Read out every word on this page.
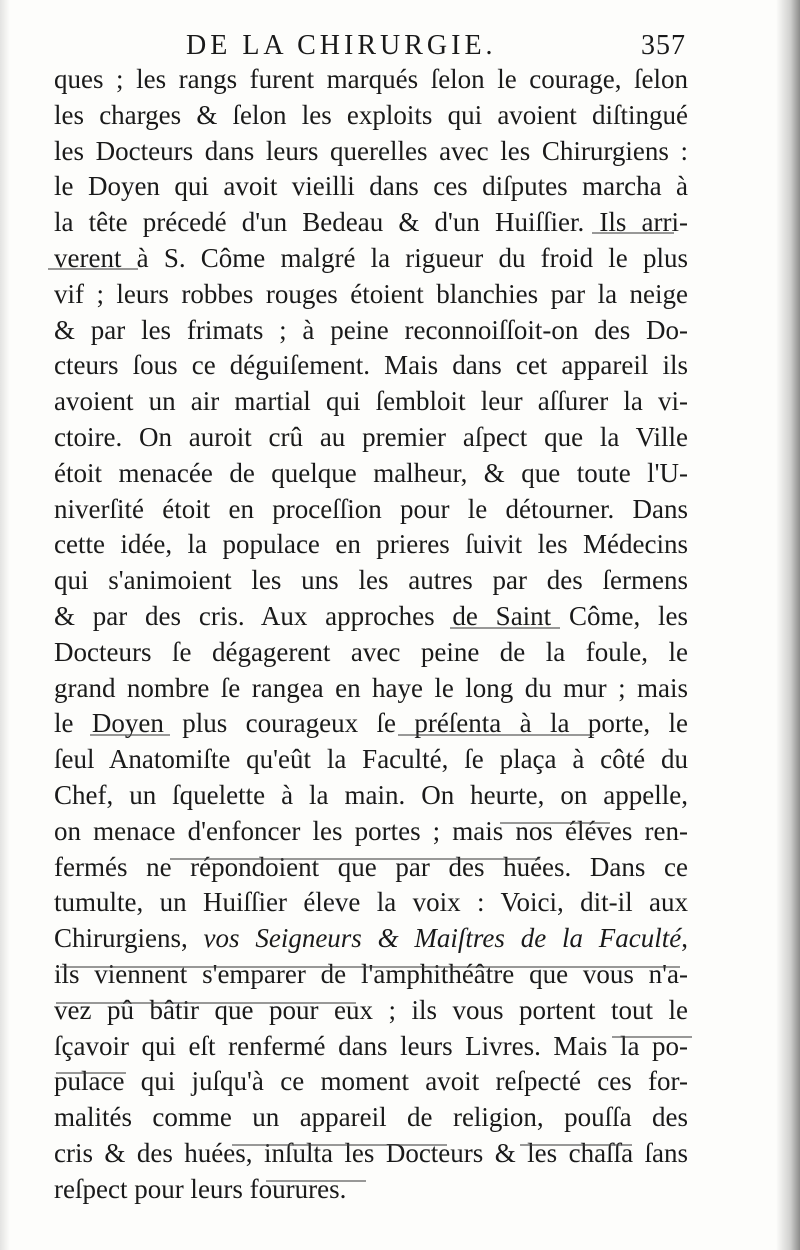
DE LA CHIRURGIE.	357
ques ; les rangs furent marqués ſelon le courage, ſelon
les charges & ſelon les exploits qui avoient diſtingué
les Docteurs dans leurs querelles avec les Chirurgiens :
le Doyen qui avoit vieilli dans ces diſputes marcha à
la tête précedé d'un Bedeau & d'un Huiſſier. Ils arri-
verent à S. Côme malgré la rigueur du froid le plus
vif ; leurs robbes rouges étoient blanchies par la neige
& par les frimats ; à peine reconnoiſſoit-on des Do-
cteurs ſous ce déguiſement. Mais dans cet appareil ils
avoient un air martial qui ſembloit leur aſſurer la vi-
ctoire. On auroit crû au premier aſpect que la Ville
étoit menacée de quelque malheur, & que toute l'U-
niverſité étoit en proceſſion pour le détourner. Dans
cette idée, la populace en prieres ſuivit les Médecins
qui s'animoient les uns les autres par des ſermens
& par des cris. Aux approches de Saint Côme, les
Docteurs ſe dégagerent avec peine de la foule, le
grand nombre ſe rangea en haye le long du mur ; mais
le Doyen plus courageux ſe préſenta à la porte, le
ſeul Anatomiſte qu'eût la Faculté, ſe plaça à côté du
Chef, un ſquelette à la main. On heurte, on appelle,
on menace d'enfoncer les portes ; mais nos éléves ren-
fermés ne répondoient que par des huées. Dans ce
tumulte, un Huiſſier éleve la voix : Voici, dit-il aux
Chirurgiens, vos Seigneurs & Maiſtres de la Faculté,
ils viennent s'emparer de l'amphithéâtre que vous n'a-
vez pû bâtir que pour eux ; ils vous portent tout le
ſçavoir qui eſt renfermé dans leurs Livres. Mais la po-
pulace qui juſqu'à ce moment avoit reſpecté ces for-
malités comme un appareil de religion, pouſſa des
cris & des huées, inſulta les Docteurs & les chaſſa ſans
reſpect pour leurs fourures.
